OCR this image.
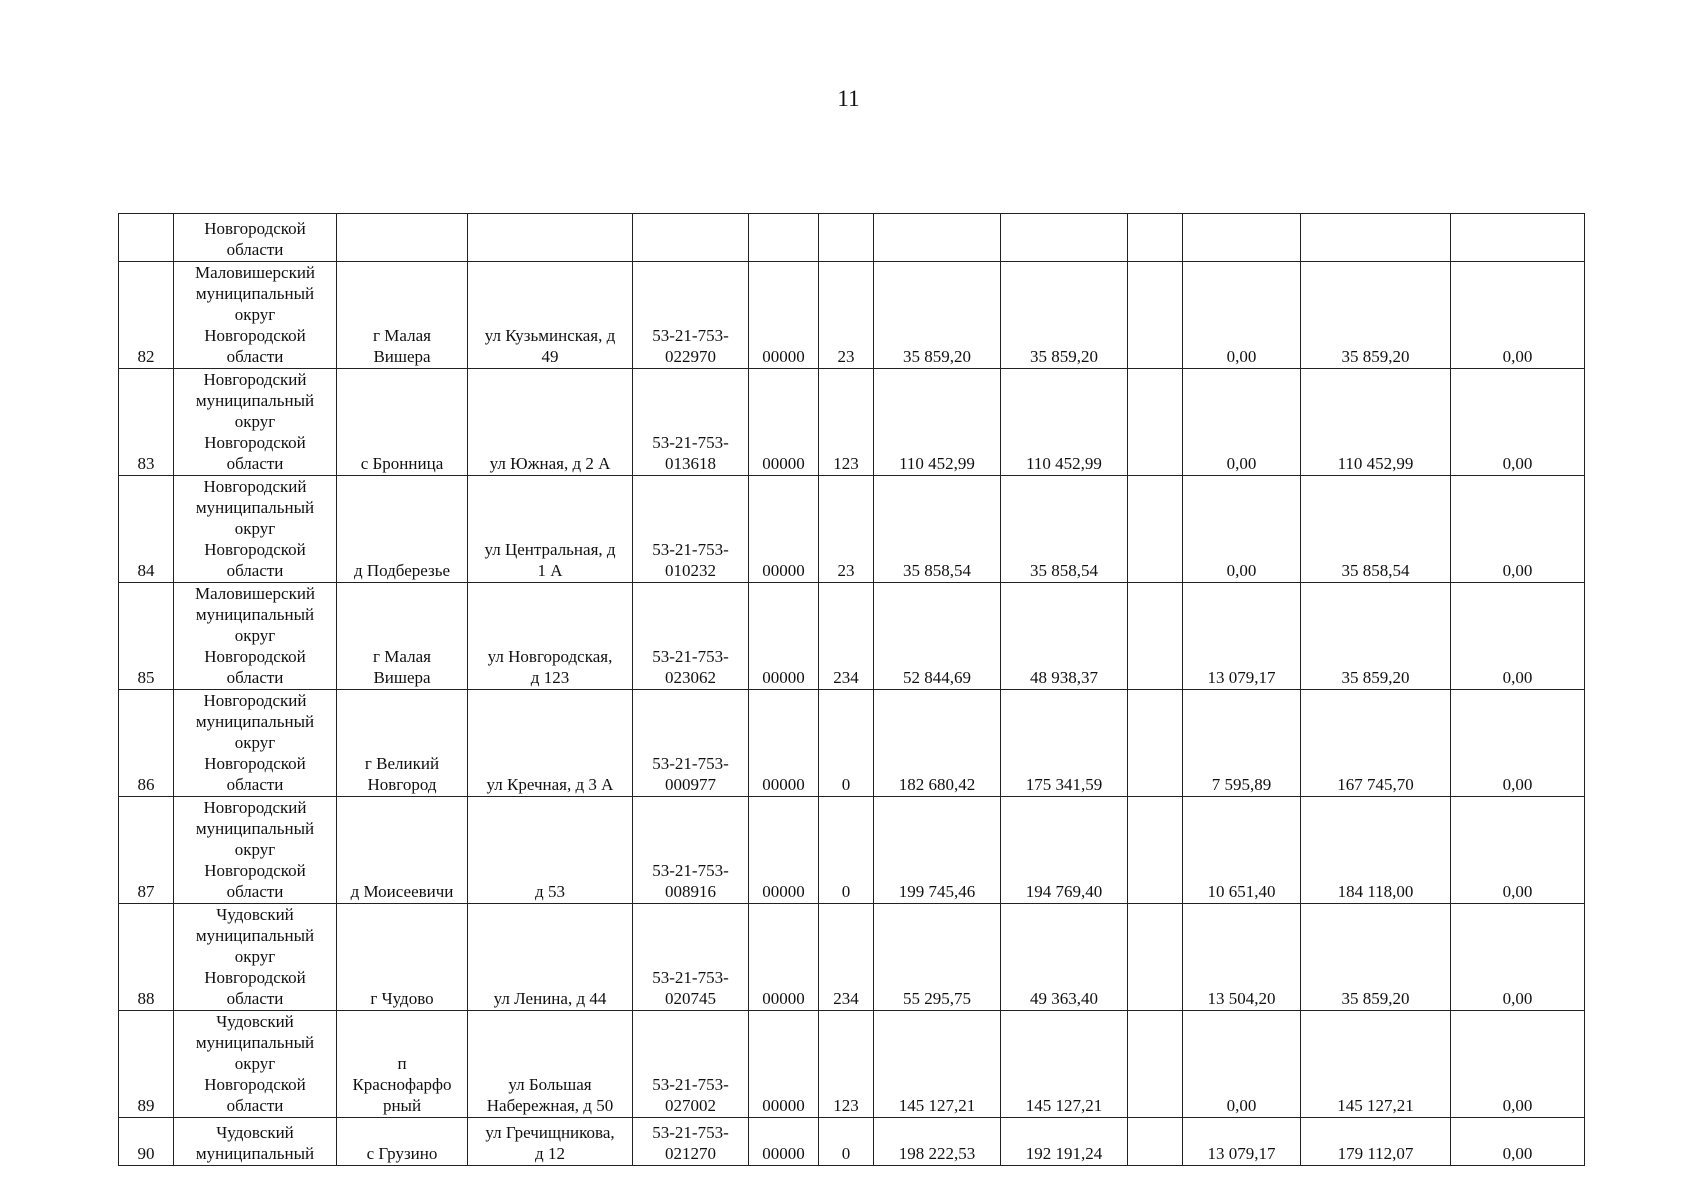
11
	Новгородской
области											
82	Маловишерский
муниципальный
округ
Новгородской
области	г Малая
Вишера	ул Кузьминская, д
49	53-21-753-
022970	00000	23	35 859,20	35 859,20		0,00	35 859,20	0,00
83	Новгородский
муниципальный
округ
Новгородской
области	с Бронница	ул Южная, д 2 А	53-21-753-
013618	00000	123	110 452,99	110 452,99		0,00	110 452,99	0,00
84	Новгородский
муниципальный
округ
Новгородской
области	д Подберезье	ул Центральная, д
1 А	53-21-753-
010232	00000	23	35 858,54	35 858,54		0,00	35 858,54	0,00
85	Маловишерский
муниципальный
округ
Новгородской
области	г Малая
Вишера	ул Новгородская,
д 123	53-21-753-
023062	00000	234	52 844,69	48 938,37		13 079,17	35 859,20	0,00
86	Новгородский
муниципальный
округ
Новгородской
области	г Великий
Новгород	ул Кречная, д 3 А	53-21-753-
000977	00000	0	182 680,42	175 341,59		7 595,89	167 745,70	0,00
87	Новгородский
муниципальный
округ
Новгородской
области	д Моисеевичи	д 53	53-21-753-
008916	00000	0	199 745,46	194 769,40		10 651,40	184 118,00	0,00
88	Чудовский
муниципальный
округ
Новгородской
области	г Чудово	ул Ленина, д 44	53-21-753-
020745	00000	234	55 295,75	49 363,40		13 504,20	35 859,20	0,00
89	Чудовский
муниципальный
округ
Новгородской
области	п
Краснофарфо
рный	ул Большая
Набережная, д 50	53-21-753-
027002	00000	123	145 127,21	145 127,21		0,00	145 127,21	0,00
90	Чудовский
муниципальный	с Грузино	ул Гречищникова,
д 12	53-21-753-
021270	00000	0	198 222,53	192 191,24		13 079,17	179 112,07	0,00
